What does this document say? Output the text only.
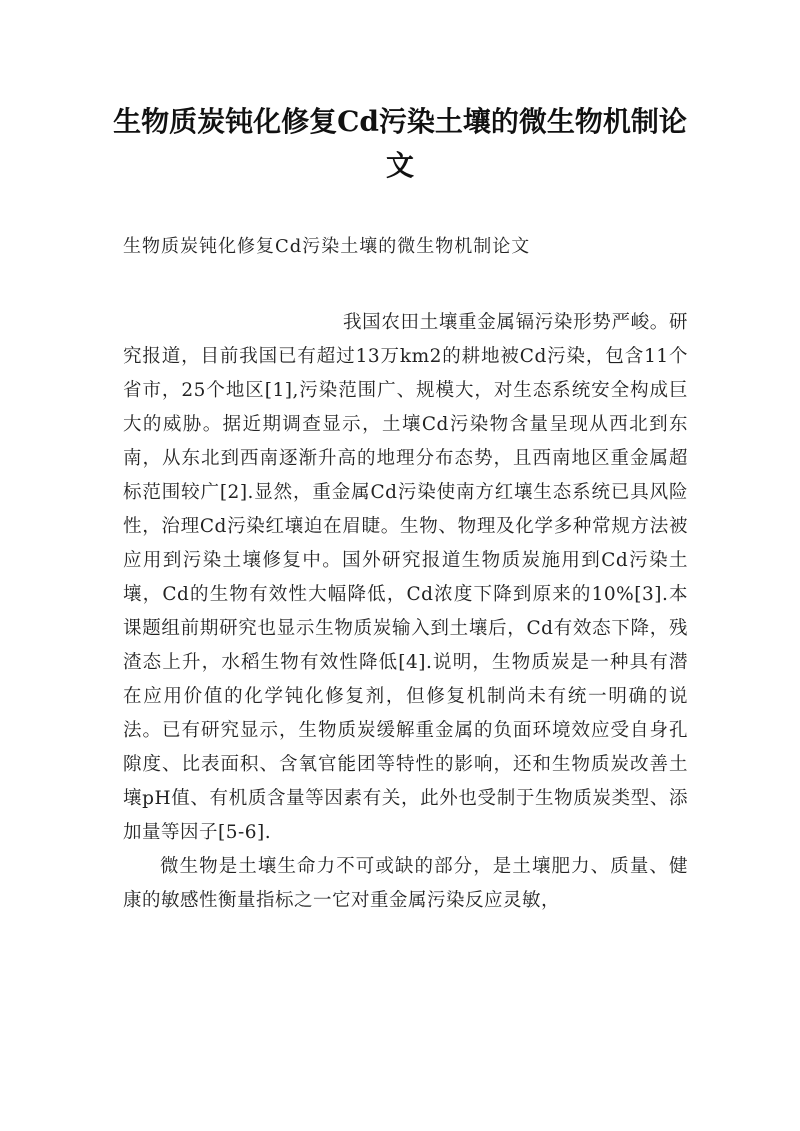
生物质炭钝化修复Cd污染土壤的微生物机制论文

生物质炭钝化修复Cd污染土壤的微生物机制论文

我国农田土壤重金属镉污染形势严峻。研究报道，目前我国已有超过13万km2的耕地被Cd污染，包含11个省市，25个地区[1],污染范围广、规模大，对生态系统安全构成巨大的威胁。据近期调查显示，土壤Cd污染物含量呈现从西北到东南，从东北到西南逐渐升高的地理分布态势，且西南地区重金属超标范围较广[2].显然，重金属Cd污染使南方红壤生态系统已具风险性，治理Cd污染红壤迫在眉睫。生物、物理及化学多种常规方法被应用到污染土壤修复中。国外研究报道生物质炭施用到Cd污染土壤，Cd的生物有效性大幅降低，Cd浓度下降到原来的10%[3].本课题组前期研究也显示生物质炭输入到土壤后，Cd有效态下降，残渣态上升，水稻生物有效性降低[4].说明，生物质炭是一种具有潜在应用价值的化学钝化修复剂，但修复机制尚未有统一明确的说法。已有研究显示，生物质炭缓解重金属的负面环境效应受自身孔隙度、比表面积、含氧官能团等特性的影响，还和生物质炭改善土壤pH值、有机质含量等因素有关，此外也受制于生物质炭类型、添加量等因子[5-6].

微生物是土壤生命力不可或缺的部分，是土壤肥力、质量、健康的敏感性衡量指标之一它对重金属污染反应灵敏，
